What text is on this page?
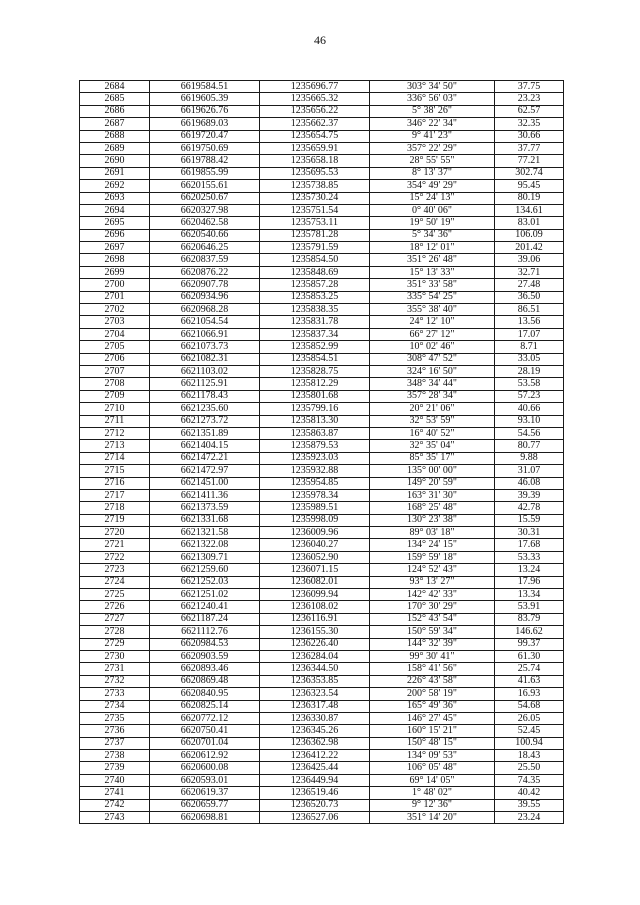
46
2684	6619584.51	1235696.77	303° 34' 50"	37.75
2685	6619605.39	1235665.32	336° 56' 03"	23.23
2686	6619626.76	1235656.22	5° 38' 26"	62.57
2687	6619689.03	1235662.37	346° 22' 34"	32.35
2688	6619720.47	1235654.75	9° 41' 23"	30.66
2689	6619750.69	1235659.91	357° 22' 29"	37.77
2690	6619788.42	1235658.18	28° 55' 55"	77.21
2691	6619855.99	1235695.53	8° 13' 37"	302.74
2692	6620155.61	1235738.85	354° 49' 29"	95.45
2693	6620250.67	1235730.24	15° 24' 13"	80.19
2694	6620327.98	1235751.54	0° 40' 06"	134.61
2695	6620462.58	1235753.11	19° 50' 19"	83.01
2696	6620540.66	1235781.28	5° 34' 36"	106.09
2697	6620646.25	1235791.59	18° 12' 01"	201.42
2698	6620837.59	1235854.50	351° 26' 48"	39.06
2699	6620876.22	1235848.69	15° 13' 33"	32.71
2700	6620907.78	1235857.28	351° 33' 58"	27.48
2701	6620934.96	1235853.25	335° 54' 25"	36.50
2702	6620968.28	1235838.35	355° 38' 40"	86.51
2703	6621054.54	1235831.78	24° 12' 10"	13.56
2704	6621066.91	1235837.34	66° 27' 12"	17.07
2705	6621073.73	1235852.99	10° 02' 46"	8.71
2706	6621082.31	1235854.51	308° 47' 52"	33.05
2707	6621103.02	1235828.75	324° 16' 50"	28.19
2708	6621125.91	1235812.29	348° 34' 44"	53.58
2709	6621178.43	1235801.68	357° 28' 34"	57.23
2710	6621235.60	1235799.16	20° 21' 06"	40.66
2711	6621273.72	1235813.30	32° 53' 59"	93.10
2712	6621351.89	1235863.87	16° 40' 52"	54.56
2713	6621404.15	1235879.53	32° 35' 04"	80.77
2714	6621472.21	1235923.03	85° 35' 17"	9.88
2715	6621472.97	1235932.88	135° 00' 00"	31.07
2716	6621451.00	1235954.85	149° 20' 59"	46.08
2717	6621411.36	1235978.34	163° 31' 30"	39.39
2718	6621373.59	1235989.51	168° 25' 48"	42.78
2719	6621331.68	1235998.09	130° 23' 38"	15.59
2720	6621321.58	1236009.96	89° 03' 18"	30.31
2721	6621322.08	1236040.27	134° 24' 15"	17.68
2722	6621309.71	1236052.90	159° 59' 18"	53.33
2723	6621259.60	1236071.15	124° 52' 43"	13.24
2724	6621252.03	1236082.01	93° 13' 27"	17.96
2725	6621251.02	1236099.94	142° 42' 33"	13.34
2726	6621240.41	1236108.02	170° 30' 29"	53.91
2727	6621187.24	1236116.91	152° 43' 54"	83.79
2728	6621112.76	1236155.30	150° 59' 34"	146.62
2729	6620984.53	1236226.40	144° 32' 39"	99.37
2730	6620903.59	1236284.04	99° 30' 41"	61.30
2731	6620893.46	1236344.50	158° 41' 56"	25.74
2732	6620869.48	1236353.85	226° 43' 58"	41.63
2733	6620840.95	1236323.54	200° 58' 19"	16.93
2734	6620825.14	1236317.48	165° 49' 36"	54.68
2735	6620772.12	1236330.87	146° 27' 45"	26.05
2736	6620750.41	1236345.26	160° 15' 21"	52.45
2737	6620701.04	1236362.98	150° 48' 15"	100.94
2738	6620612.92	1236412.22	134° 09' 53"	18.43
2739	6620600.08	1236425.44	106° 05' 48"	25.50
2740	6620593.01	1236449.94	69° 14' 05"	74.35
2741	6620619.37	1236519.46	1° 48' 02"	40.42
2742	6620659.77	1236520.73	9° 12' 36"	39.55
2743	6620698.81	1236527.06	351° 14' 20"	23.24
